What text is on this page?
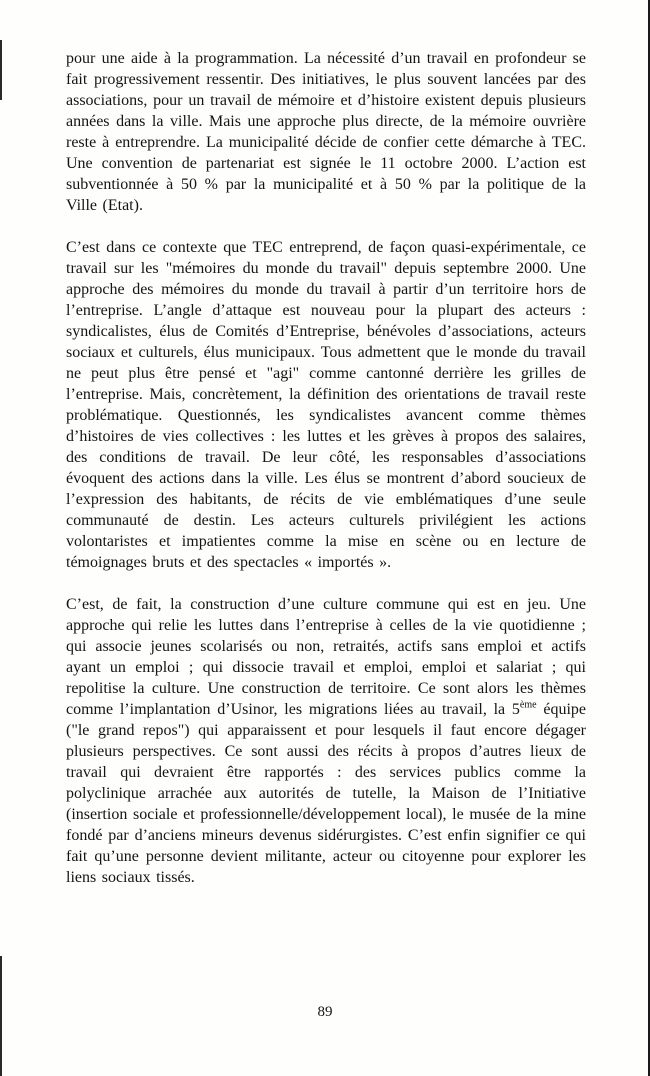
pour une aide à la programmation. La nécessité d’un travail en profondeur se fait progressivement ressentir. Des initiatives, le plus souvent lancées par des associations, pour un travail de mémoire et d’histoire existent depuis plusieurs années dans la ville. Mais une approche plus directe, de la mémoire ouvrière reste à entreprendre. La municipalité décide de confier cette démarche à TEC. Une convention de partenariat est signée le 11 octobre 2000. L’action est subventionnée à 50 % par la municipalité et à 50 % par la politique de la Ville (Etat).

C’est dans ce contexte que TEC entreprend, de façon quasi-expérimentale, ce travail sur les "mémoires du monde du travail" depuis septembre 2000. Une approche des mémoires du monde du travail à partir d’un territoire hors de l’entreprise. L’angle d’attaque est nouveau pour la plupart des acteurs : syndicalistes, élus de Comités d’Entreprise, bénévoles d’associations, acteurs sociaux et culturels, élus municipaux. Tous admettent que le monde du travail ne peut plus être pensé et "agi" comme cantonné derrière les grilles de l’entreprise. Mais, concrètement, la définition des orientations de travail reste problématique. Questionnés, les syndicalistes avancent comme thèmes d’histoires de vies collectives : les luttes et les grèves à propos des salaires, des conditions de travail. De leur côté, les responsables d’associations évoquent des actions dans la ville. Les élus se montrent d’abord soucieux de l’expression des habitants, de récits de vie emblématiques d’une seule communauté de destin. Les acteurs culturels privilégient les actions volontaristes et impatientes comme la mise en scène ou en lecture de témoignages bruts et des spectacles « importés ».

C’est, de fait, la construction d’une culture commune qui est en jeu. Une approche qui relie les luttes dans l’entreprise à celles de la vie quotidienne ; qui associe jeunes scolarisés ou non, retraités, actifs sans emploi et actifs ayant un emploi ; qui dissocie travail et emploi, emploi et salariat ; qui repolitise la culture. Une construction de territoire. Ce sont alors les thèmes comme l’implantation d’Usinor, les migrations liées au travail, la 5ème équipe ("le grand repos") qui apparaissent et pour lesquels il faut encore dégager plusieurs perspectives. Ce sont aussi des récits à propos d’autres lieux de travail qui devraient être rapportés : des services publics comme la polyclinique arrachée aux autorités de tutelle, la Maison de l’Initiative (insertion sociale et professionnelle/développement local), le musée de la mine fondé par d’anciens mineurs devenus sidérurgistes. C’est enfin signifier ce qui fait qu’une personne devient militante, acteur ou citoyenne pour explorer les liens sociaux tissés.

89
